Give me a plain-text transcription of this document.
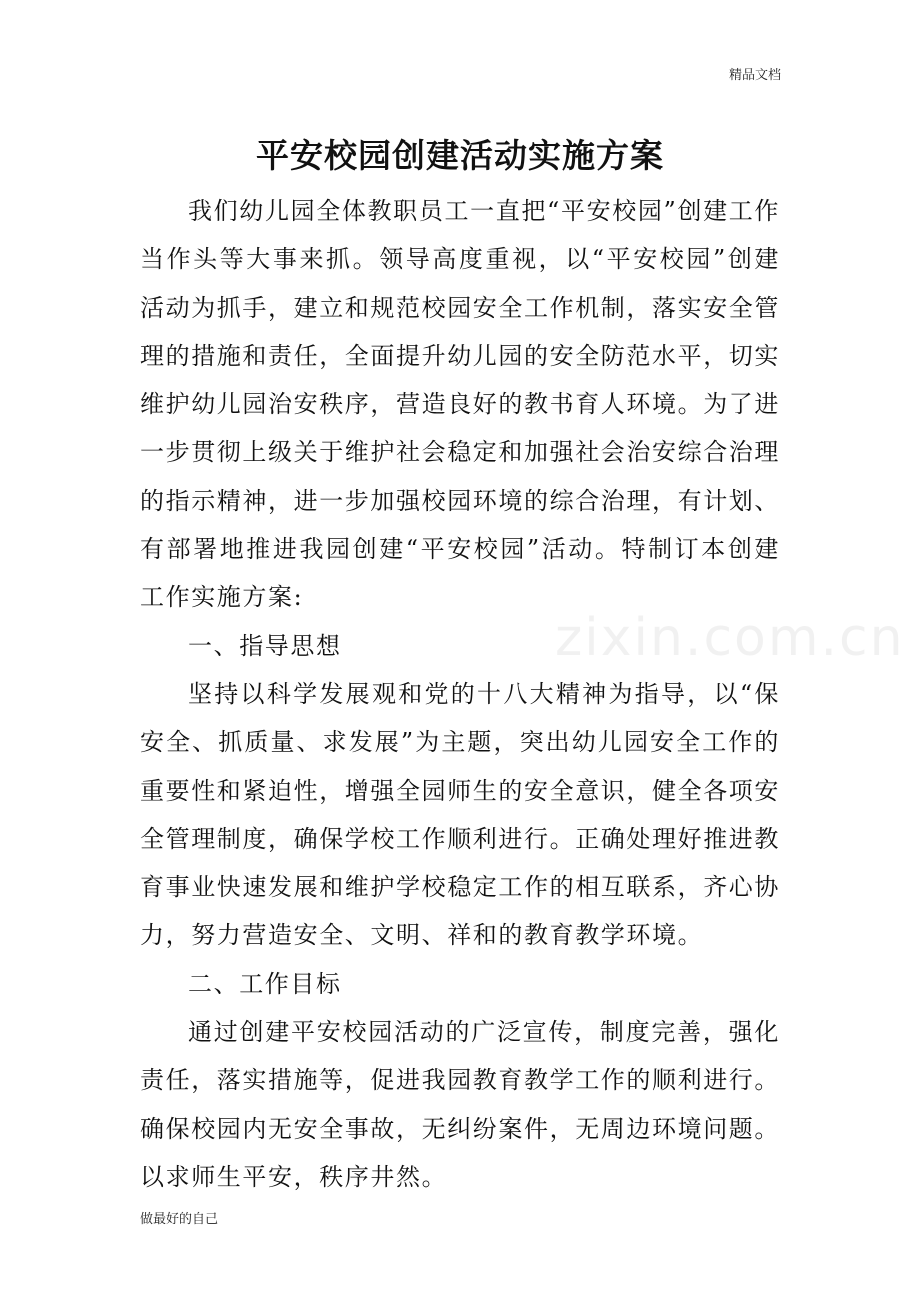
精品文档
平安校园创建活动实施方案

我们幼儿园全体教职员工一直把“平安校园”创建工作当作头等大事来抓。领导高度重视，以“平安校园”创建活动为抓手，建立和规范校园安全工作机制，落实安全管理的措施和责任，全面提升幼儿园的安全防范水平，切实维护幼儿园治安秩序，营造良好的教书育人环境。为了进一步贯彻上级关于维护社会稳定和加强社会治安综合治理的指示精神，进一步加强校园环境的综合治理，有计划、有部署地推进我园创建“平安校园”活动。特制订本创建工作实施方案:

一、指导思想

坚持以科学发展观和党的十八大精神为指导，以“保安全、抓质量、求发展”为主题，突出幼儿园安全工作的重要性和紧迫性，增强全园师生的安全意识，健全各项安全管理制度，确保学校工作顺利进行。正确处理好推进教育事业快速发展和维护学校稳定工作的相互联系，齐心协力，努力营造安全、文明、祥和的教育教学环境。

二、工作目标

通过创建平安校园活动的广泛宣传，制度完善，强化责任，落实措施等，促进我园教育教学工作的顺利进行。确保校园内无安全事故，无纠纷案件，无周边环境问题。以求师生平安，秩序井然。

zixin.com.cn
做最好的自己
